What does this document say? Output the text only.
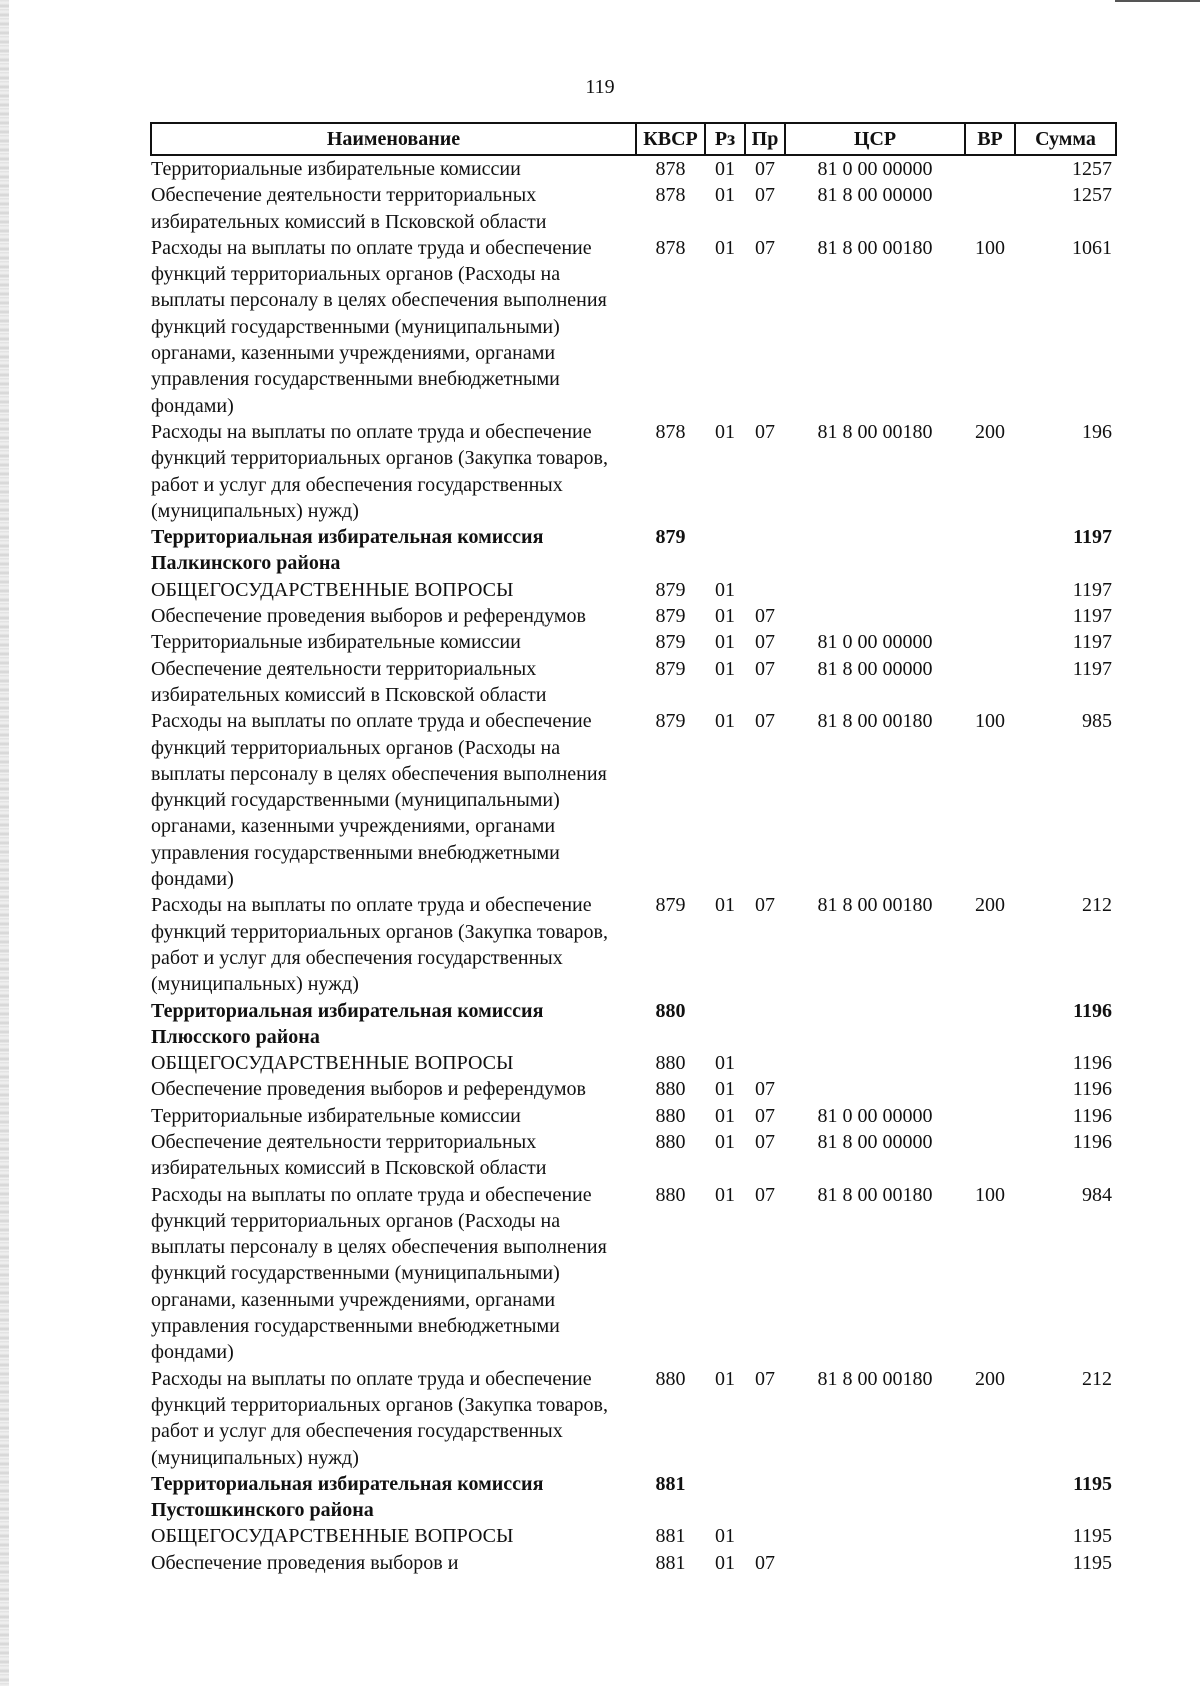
119
Наименование	КВСР	Рз	Пр	ЦСР	ВР	Сумма
Территориальные избирательные комиссии	878	01	07	81 0 00 00000		1257
Обеспечение деятельности территориальных избирательных комиссий в Псковской области	878	01	07	81 8 00 00000		1257
Расходы на выплаты по оплате труда и обеспечение функций территориальных органов (Расходы на выплаты персоналу в целях обеспечения выполнения функций государственными (муниципальными) органами, казенными учреждениями, органами управления государственными внебюджетными фондами)	878	01	07	81 8 00 00180	100	1061
Расходы на выплаты по оплате труда и обеспечение функций территориальных органов (Закупка товаров, работ и услуг для обеспечения государственных (муниципальных) нужд)	878	01	07	81 8 00 00180	200	196
Территориальная избирательная комиссия Палкинского района	879					1197
ОБЩЕГОСУДАРСТВЕННЫЕ ВОПРОСЫ	879	01				1197
Обеспечение проведения выборов и референдумов	879	01	07			1197
Территориальные избирательные комиссии	879	01	07	81 0 00 00000		1197
Обеспечение деятельности территориальных избирательных комиссий в Псковской области	879	01	07	81 8 00 00000		1197
Расходы на выплаты по оплате труда и обеспечение функций территориальных органов (Расходы на выплаты персоналу в целях обеспечения выполнения функций государственными (муниципальными) органами, казенными учреждениями, органами управления государственными внебюджетными фондами)	879	01	07	81 8 00 00180	100	985
Расходы на выплаты по оплате труда и обеспечение функций территориальных органов (Закупка товаров, работ и услуг для обеспечения государственных (муниципальных) нужд)	879	01	07	81 8 00 00180	200	212
Территориальная избирательная комиссия Плюсского района	880					1196
ОБЩЕГОСУДАРСТВЕННЫЕ ВОПРОСЫ	880	01				1196
Обеспечение проведения выборов и референдумов	880	01	07			1196
Территориальные избирательные комиссии	880	01	07	81 0 00 00000		1196
Обеспечение деятельности территориальных избирательных комиссий в Псковской области	880	01	07	81 8 00 00000		1196
Расходы на выплаты по оплате труда и обеспечение функций территориальных органов (Расходы на выплаты персоналу в целях обеспечения выполнения функций государственными (муниципальными) органами, казенными учреждениями, органами управления государственными внебюджетными фондами)	880	01	07	81 8 00 00180	100	984
Расходы на выплаты по оплате труда и обеспечение функций территориальных органов (Закупка товаров, работ и услуг для обеспечения государственных (муниципальных) нужд)	880	01	07	81 8 00 00180	200	212
Территориальная избирательная комиссия Пустошкинского района	881					1195
ОБЩЕГОСУДАРСТВЕННЫЕ ВОПРОСЫ	881	01				1195
Обеспечение проведения выборов и	881	01	07			1195
